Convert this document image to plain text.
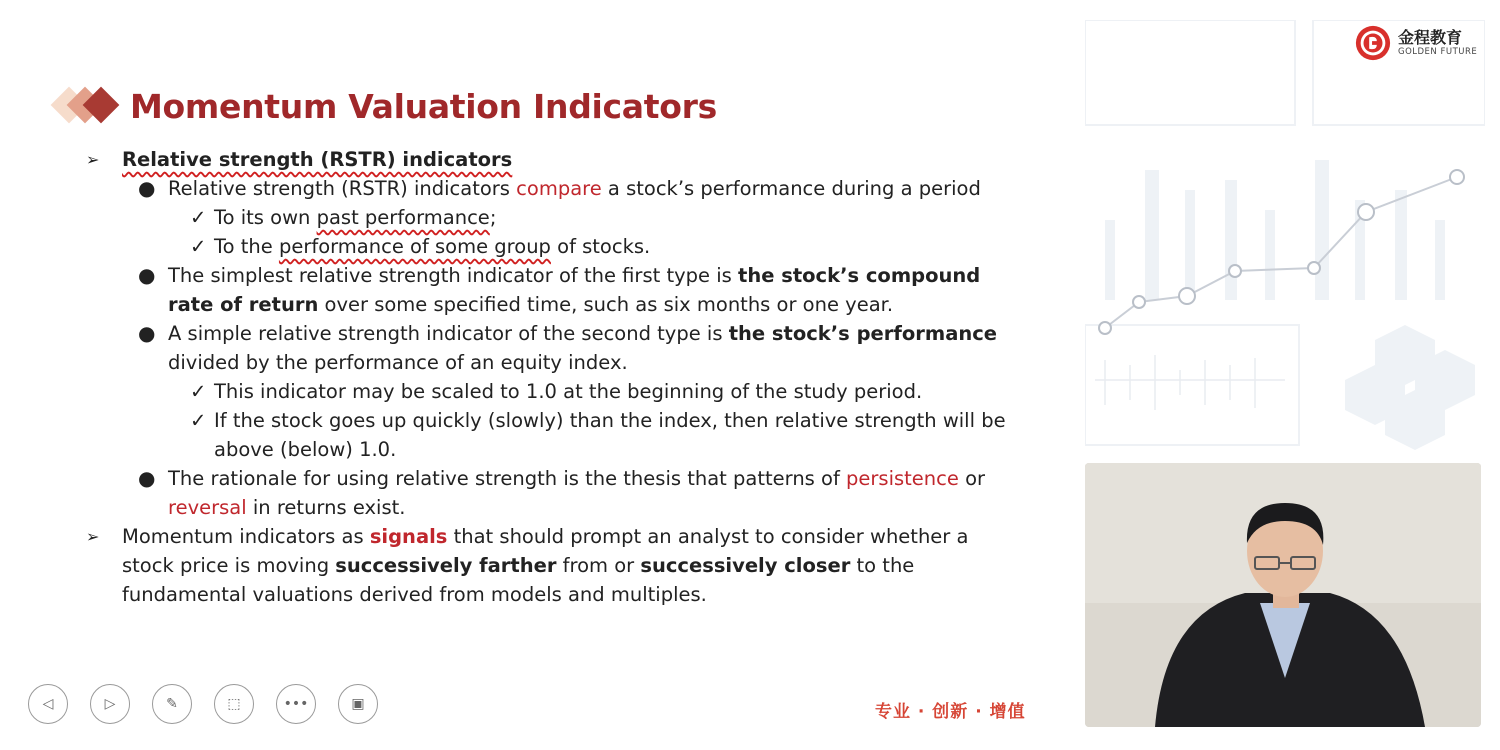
金程教育
GOLDEN FUTURE
Momentum Valuation Indicators
➢ Relative strength (RSTR) indicators
● Relative strength (RSTR) indicators compare a stock’s performance during a period
✓ To its own past performance;
✓ To the performance of some group of stocks.
● The simplest relative strength indicator of the first type is the stock’s compound rate of return over some specified time, such as six months or one year.
● A simple relative strength indicator of the second type is the stock’s performance divided by the performance of an equity index.
✓ This indicator may be scaled to 1.0 at the beginning of the study period.
✓ If the stock goes up quickly (slowly) than the index, then relative strength will be above (below) 1.0.
● The rationale for using relative strength is the thesis that patterns of persistence or reversal in returns exist.
➢ Momentum indicators as signals that should prompt an analyst to consider whether a stock price is moving successively farther from or successively closer to the fundamental valuations derived from models and multiples.
◁	▷	✎	⬚	•••	▣	专业 · 创新 · 增值
